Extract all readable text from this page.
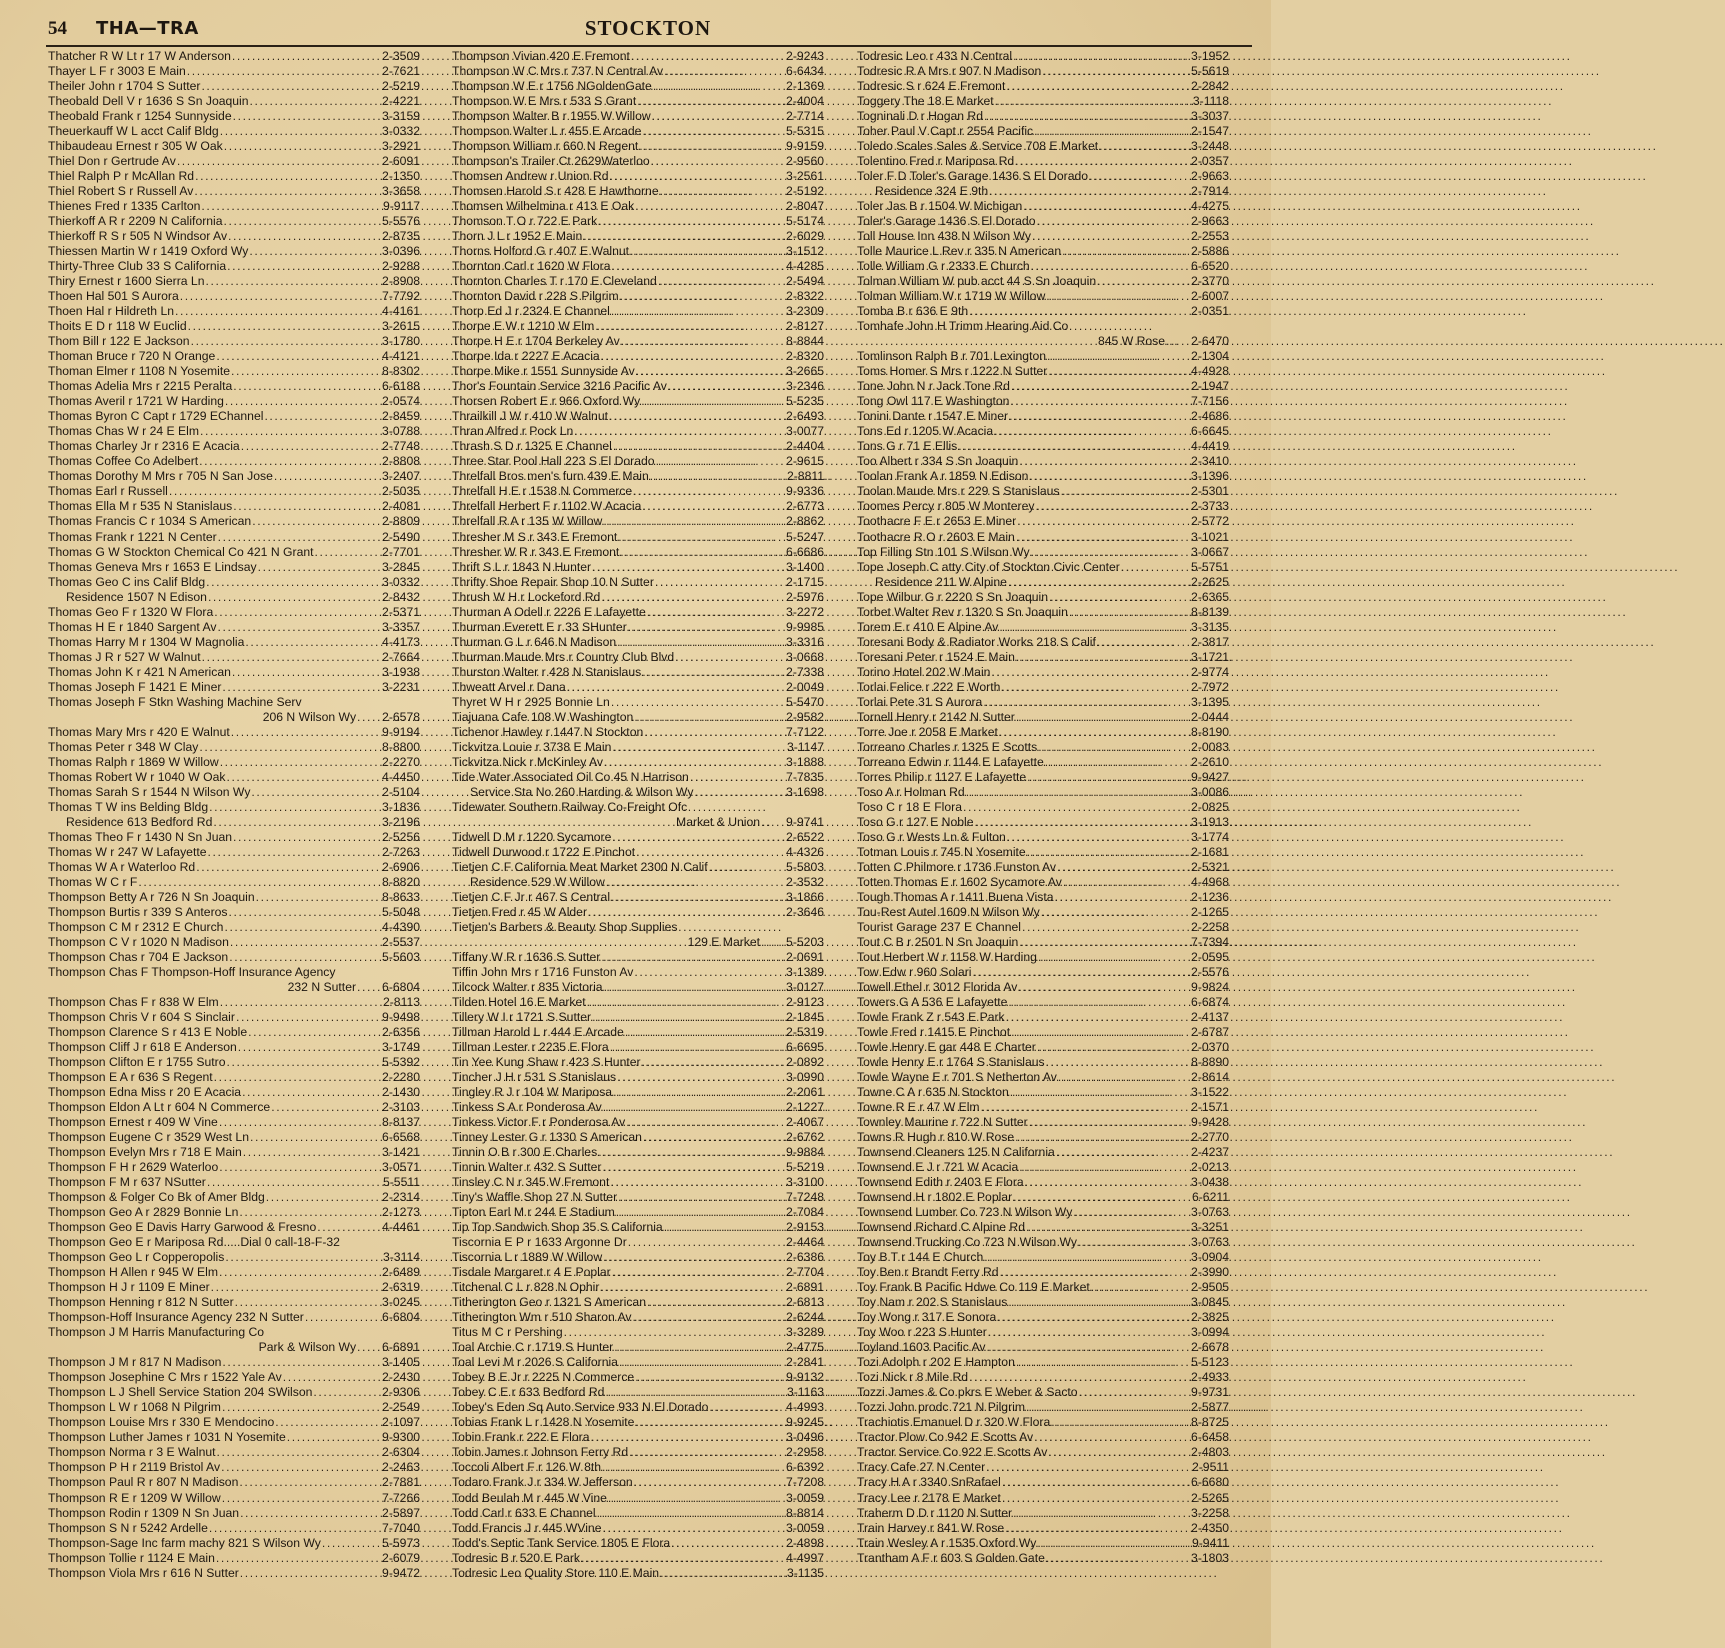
54 THA—TRA	STOCKTON
Thatcher R W Lt r 17 W Anderson .....	2-3509
Thayer L F r 3003 E Main .....	2-7621
Theiler John r 1704 S Sutter .....	2-5219
Theobald Dell V r 1636 S Sn Joaquin .....	2-4221
Theobald Frank r 1254 Sunnyside .....	3-3159
Theuerkauff W L acct Calif Bldg .....	3-0332
Thibaudeau Ernest r 305 W Oak .....	3-2921
Thiel Don r Gertrude Av .....	2-6091
Thiel Ralph P r McAllan Rd .....	2-1350
Thiel Robert S r Russell Av .....	3-3658
Thienes Fred r 1335 Carlton .....	9-9117
Thierkoff A R r 2209 N California .....	5-5576
Thierkoff R S r 505 N Windsor Av .....	2-8735
Thiessen Martin W r 1419 Oxford Wy .....	3-0396
Thirty-Three Club 33 S California .....	2-9288
Thiry Ernest r 1600 Sierra Ln .....	2-8908
Thoen Hal 501 S Aurora .....	7-7792
Thoen Hal r Hildreth Ln .....	4-4161
Thoits E D r 118 W Euclid .....	3-2615
Thom Bill r 122 E Jackson .....	3-1780
Thoman Bruce r 720 N Orange .....	4-4121
Thoman Elmer r 1108 N Yosemite .....	8-8302
Thomas Adelia Mrs r 2215 Peralta .....	6-6188
Thomas Averil r 1721 W Harding .....	2-0574
Thomas Byron C Capt r 1729 EChannel .....	2-8459
Thomas Chas W r 24 E Elm .....	3-0788
Thomas Charley Jr r 2316 E Acacia .....	2-7748
Thomas Coffee Co Adelbert .....	2-8808
Thomas Dorothy M Mrs r 705 N San Jose .....	3-2407
Thomas Earl r Russell .....	2-5035
Thomas Ella M r 535 N Stanislaus .....	2-4081
Thomas Francis C r 1034 S American .....	2-8809
Thomas Frank r 1221 N Center .....	2-5490
Thomas G W Stockton Chemical Co 421 N Grant .....	2-7701
Thomas Geneva Mrs r 1653 E Lindsay .....	3-2845
Thomas Geo C ins Calif Bldg .....	3-0332
Residence 1507 N Edison .....	2-8432
Thomas Geo F r 1320 W Flora .....	2-5371
Thomas H E r 1840 Sargent Av .....	3-3357
Thomas Harry M r 1304 W Magnolia .....	4-4173
Thomas J R r 527 W Walnut .....	2-7664
Thomas John K r 421 N American .....	3-1938
Thomas Joseph F 1421 E Miner .....	3-2231
Thomas Joseph F Stkn Washing Machine Serv
206 N Wilson Wy ..... 2-6578
Thomas Mary Mrs r 420 E Walnut .....	9-9194
Thomas Peter r 348 W Clay .....	8-8800
Thomas Ralph r 1869 W Willow .....	2-2270
Thomas Robert W r 1040 W Oak .....	4-4450
Thomas Sarah S r 1544 N Wilson Wy .....	2-5104
Thomas T W ins Belding Bldg .....	3-1836
Residence 613 Bedford Rd .....	3-2196
Thomas Theo F r 1430 N Sn Juan .....	2-5256
Thomas W r 247 W Lafayette .....	2-7263
Thomas W A r Waterloo Rd .....	2-6906
Thomas W C r F .....	8-8820
Thompson Betty A r 726 N Sn Joaquin .....	8-8633
Thompson Burtis r 339 S Anteros .....	5-5048
Thompson C M r 2312 E Church .....	4-4390
Thompson C V r 1020 N Madison .....	2-5537
Thompson Chas r 704 E Jackson .....	5-5603
Thompson Chas F Thompson-Hoff Insurance Agency
232 N Sutter ..... 6-6804
Thompson Chas F r 838 W Elm .....	2-8113
Thompson Chris V r 604 S Sinclair .....	9-9498
Thompson Clarence S r 413 E Noble .....	2-6356
Thompson Cliff J r 618 E Anderson .....	3-1749
Thompson Clifton E r 1755 Sutro .....	5-5392
Thompson E A r 636 S Regent .....	2-2280
Thompson Edna Miss r 20 E Acacia .....	2-1430
Thompson Eldon A Lt r 604 N Commerce .....	2-3103
Thompson Ernest r 409 W Vine .....	8-8137
Thompson Eugene C r 3529 West Ln .....	6-6568
Thompson Evelyn Mrs r 718 E Main .....	3-1421
Thompson F H r 2629 Waterloo .....	3-0571
Thompson F M r 637 NSutter .....	5-5511
Thompson & Folger Co Bk of Amer Bldg .....	2-2314
Thompson Geo A r 2829 Bonnie Ln .....	2-1273
Thompson Geo E Davis Harry Garwood & Fresno .....	4-4461
Thompson Geo E r Mariposa Rd.....Dial 0 call-18-F-32
Thompson Geo L r Copperopolis .....	3-3114
Thompson H Allen r 945 W Elm .....	2-6489
Thompson H J r 1109 E Miner .....	2-6319
Thompson Henning r 812 N Sutter .....	3-0245
Thompson-Hoff Insurance Agency 232 N Sutter .....	6-6804
Thompson J M Harris Manufacturing Co
Park & Wilson Wy ..... 6-6891
Thompson J M r 817 N Madison .....	3-1405
Thompson Josephine C Mrs r 1522 Yale Av .....	2-2430
Thompson L J Shell Service Station 204 SWilson .....	2-9306
Thompson L W r 1068 N Pilgrim .....	2-2549
Thompson Louise Mrs r 330 E Mendocino .....	2-1097
Thompson Luther James r 1031 N Yosemite .....	9-9300
Thompson Norma r 3 E Walnut .....	2-6304
Thompson P H r 2119 Bristol Av .....	2-2463
Thompson Paul R r 807 N Madison .....	2-7881
Thompson R E r 1209 W Willow .....	7-7266
Thompson Rodin r 1309 N Sn Juan .....	2-5897
Thompson S N r 5242 Ardelle .....	7-7040
Thompson-Sage Inc farm machy 821 S Wilson Wy .....	5-5973
Thompson Tollie r 1124 E Main .....	2-6079
Thompson Viola Mrs r 616 N Sutter .....	9-9472
Thompson Vivian 420 E Fremont .....	2-9243
Thompson W C Mrs r 737 N Central Av .....	6-6434
Thompson W E r 1756 NGoldenGate .....	2-1369
Thompson W E Mrs r 533 S Grant .....	2-4004
Thompson Walter B r 1955 W Willow .....	2-7714
Thompson Walter L r 455 E Arcade .....	5-5315
Thompson William r 660 N Regent .....	9-9159
Thompson's Trailer Ct 2629Waterloo .....	2-9560
Thomsen Andrew r Union Rd .....	3-2561
Thomsen Harold S r 428 E Hawthorne .....	2-5192
Thomsen Wilhelmina r 413 E Oak .....	2-8047
Thomson T O r 722 E Park .....	5-5174
Thorn J L r 1952 E Main .....	2-6029
Thorns Holford G r 407 E Walnut .....	3-1512
Thornton Carl r 1620 W Flora .....	4-4285
Thornton Charles T r 170 E Cleveland .....	2-5494
Thornton David r 228 S Pilgrim .....	2-8322
Thorp Ed J r 2324 E Channel .....	3-2309
Thorpe E W r 1210 W Elm .....	2-8127
Thorpe H E r 1704 Berkeley Av .....	8-8844
Thorpe Ida r 2227 E Acacia .....	2-8320
Thorpe Mike r 1551 Sunnyside Av .....	3-2665
Thor's Fountain Service 3216 Pacific Av .....	3-2346
Thorsen Robert E r 966 Oxford Wy .....	5-5235
Thrailkill J W r 410 W Walnut .....	2-6493
Thran Alfred r Pock Ln .....	3-0077
Thrash S D r 1325 E Channel .....	2-4404
Three Star Pool Hall 223 S El Dorado .....	2-9615
Threlfall Bros men's furn 439 E Main .....	2-8811
Threlfall H E r 1538 N Commerce .....	9-9336
Threlfall Herbert F r 1102 W Acacia .....	2-6773
Threlfall R A r 135 W Willow .....	2-8862
Thresher M S r 343 E Fremont .....	5-5247
Thresher W R r 343 E Fremont .....	6-6686
Thrift S L r 1843 N Hunter .....	3-1400
Thrifty Shoe Repair Shop 10 N Sutter .....	2-1715
Thrush W H r Lockeford Rd .....	2-5976
Thurman A Odell r 2226 E Lafayette .....	3-2272
Thurman Everett E r 33 SHunter .....	9-9985
Thurman G L r 646 N Madison .....	3-3316
Thurman Maude Mrs r Country Club Blvd .....	3-0668
Thurston Walter r 428 N Stanislaus .....	2-7338
Thweatt Arvel r Dana .....	2-0049
Thyret W H r 2925 Bonnie Ln .....	5-5470
Tiajuana Cafe 108 W Washington .....	2-9582
Tichenor Hawley r 1447 N Stockton .....	7-7122
Tickvitza Louie r 3738 E Main .....	3-1147
Tickvitza Nick r McKinley Av .....	3-1888
Tide Water Associated Oil Co 45 N Harrison .....	7-7835
Service Sta No 260 Harding & Wilson Wy .....	3-1698
Tidewater Southern Railway Co-Freight Ofc
Market & Union ..... 9-9741
Tidwell D M r 1220 Sycamore .....	2-6522
Tidwell Durwood r 1722 E Pinchot .....	4-4326
Tietjen C F California Meat Market 2300 N Calif .....	5-5803
Residence 529 W Willow .....	2-3532
Tietjen C F Jr r 467 S Central .....	3-1866
Tietjen Fred r 45 W Alder .....	2-3646
Tietjen's Barbers & Beauty Shop Supplies
129 E Market ..... 5-5203
Tiffany W R r 1636 S Sutter .....	2-0691
Tiffin John Mrs r 1716 Funston Av .....	3-1389
Tilcock Walter r 835 Victoria .....	3-0127
Tilden Hotel 16 E Market .....	2-9123
Tillery W I r 1721 S Sutter .....	2-1845
Tillman Harold L r 444 E Arcade .....	2-5319
Tillman Lester r 2235 E Flora .....	6-6695
Tin Yee Kung Shaw r 423 S Hunter .....	2-0892
Tincher J H r 531 S Stanislaus .....	3-0990
Tingley R J r 104 W Mariposa .....	2-2061
Tinkess S A r Ponderosa Av .....	2-1227
Tinkess Victor F r Ponderosa Av .....	2-4067
Tinney Lester G r 1330 S American .....	2-6762
Tinnin O B r 300 E Charles .....	9-9884
Tinnin Walter r 432 S Sutter .....	5-5219
Tinsley C N r 345 W Fremont .....	3-3100
Tiny's Waffle Shop 27 N Sutter .....	7-7248
Tipton Earl M r 244 E Stadium .....	2-7084
Tip Top Sandwich Shop 35 S California .....	2-9153
Tiscornia E P r 1633 Argonne Dr .....	2-4464
Tiscornia L r 1889 W Willow .....	2-6386
Tisdale Margaret r 4 E Poplar .....	2-7704
Titchenal C L r 828 N Ophir .....	2-6891
Titherington Geo r 1321 S American .....	2-6813
Titherington Wm r 510 Sharon Av .....	2-6244
Titus M C r Pershing .....	3-3289
Toal Archie C r 1719 S Hunter .....	2-4775
Toal Levi M r 2026 S California .....	2-2841
Tobey B E Jr r 2225 N Commerce .....	9-9132
Tobey C E r 633 Bedford Rd .....	3-1163
Tobey's Eden Sq Auto Service 933 N El Dorado .....	4-4993
Tobias Frank L r 1428 N Yosemite .....	9-9245
Tobin Frank r 222 E Flora .....	3-0496
Tobin James r Johnson Ferry Rd .....	2-2958
Toccoli Albert F r 126 W 8th .....	6-6392
Todaro Frank J r 334 W Jefferson .....	7-7208
Todd Beulah M r 445 W Vine .....	3-0059
Todd Carl r 633 E Channel .....	8-8814
Todd Francis J r 445 WVine .....	3-0059
Todd's Septic Tank Service 1805 E Flora .....	2-4898
Todresic B r 520 E Park .....	4-4997
Todresic Leo Quality Store 110 E Main .....	3-1135
Todresic Leo r 433 N Central .....	3-1952
Todresic R A Mrs r 907 N Madison .....	5-5619
Todresic S r 624 E Fremont .....	2-2842
Toggery The 18 E Market .....	3-1118
Togninali D r Hogan Rd .....	3-3037
Toher Paul V Capt r 2554 Pacific .....	2-1547
Toledo Scales Sales & Service 708 E Market .....	3-2448
Tolentino Fred r Mariposa Rd .....	2-0357
Toler F D Toler's Garage 1436 S El Dorado .....	2-9663
Residence 324 E 9th .....	2-7914
Toler Jas B r 1504 W Michigan .....	4-4275
Toler's Garage 1436 S El Dorado .....	2-9663
Toll House Inn 438 N Wilson Wy .....	2-2553
Tolle Maurice L Rev r 335 N American .....	2-5886
Tolle William G r 2333 E Church .....	6-6520
Tolman William W pub acct 44 S Sn Joaquin .....	2-3770
Tolman William W r 1719 W Willow .....	2-6007
Tomba B r 636 E 9th .....	2-0351
Tomhafe John H Trimm Hearing Aid Co
845 W Rose ..... 2-6470
Tomlinson Ralph B r 701 Lexington .....	2-1304
Toms Homer S Mrs r 1222 N Sutter .....	4-4928
Tone John N r Jack Tone Rd .....	2-1947
Tong Owl 117 E Washington .....	7-7156
Tonini Dante r 1547 E Miner .....	2-4686
Tons Ed r 1205 W Acacia .....	6-6645
Tons G r 71 E Ellis .....	4-4419
Too Albert r 334 S Sn Joaquin .....	2-3410
Toolan Frank A r 1859 N Edison .....	3-1396
Toolan Maude Mrs r 229 S Stanislaus .....	2-5301
Toomes Percy r 805 W Monterey .....	2-3733
Toothacre F E r 2653 E Miner .....	2-5772
Toothacre R O r 2603 E Main .....	3-1021
Top Filling Stn 101 S Wilson Wy .....	3-0667
Tope Joseph C atty City of Stockton Civic Center .....	5-5751
Residence 211 W Alpine .....	2-2625
Tope Wilbur G r 2220 S Sn Joaquin .....	2-6365
Torbet Walter Rev r 1320 S Sn Joaquin .....	8-8139
Torem E r 410 E Alpine Av .....	3-3135
Toresani Body & Radiator Works 218 S Calif .....	2-3817
Toresani Peter r 1524 E Main .....	3-1721
Torino Hotel 202 W Main .....	2-9774
Torlai Felice r 222 E Worth .....	2-7972
Torlai Pete 31 S Aurora .....	3-1395
Tornell Henry r 2142 N Sutter .....	2-0444
Torre Joe r 2058 E Market .....	8-8190
Torreano Charles r 1325 E Scotts .....	2-0083
Torreano Edwin r 1144 E Lafayette .....	2-2610
Torres Philip r 1127 E Lafayette .....	9-9427
Toso A r Holman Rd .....	3-0086
Toso C r 18 E Flora .....	2-0825
Toso G r 127 E Noble .....	3-1913
Toso G r Wests Ln & Fulton .....	3-1774
Totman Louis r 745 N Yosemite .....	2-1681
Totten C Philmore r 1736 Funston Av .....	2-5321
Totten Thomas E r 1602 Sycamore Av .....	4-4968
Tough Thomas A r 1411 Buena Vista .....	2-1236
Tou-Rest Autel 1609 N Wilson Wy .....	2-1265
Tourist Garage 237 E Channel .....	2-2258
Tout C B r 2501 N Sn Joaquin .....	7-7394
Tout Herbert W r 1158 W Harding .....	2-0595
Tow Edw r 960 Solari .....	2-5576
Towell Ethel r 3012 Florida Av .....	9-9824
Towers G A 536 E Lafayette .....	6-6874
Towle Frank Z r 543 E Park .....	2-4137
Towle Fred r 1415 E Pinchot .....	2-6787
Towle Henry E gar 448 E Charter .....	2-0370
Towle Henry E r 1764 S Stanislaus .....	8-8890
Towle Wayne E r 701 S Netherton Av .....	2-8614
Towne C A r 635 N Stockton .....	3-1522
Towne R E r 47 W Elm .....	2-1571
Townley Maurine r 722 N Sutter .....	9-9428
Towns R Hugh r 810 W Rose .....	2-2770
Townsend Cleaners 125 N California .....	2-4237
Townsend E J r 721 W Acacia .....	2-0213
Townsend Edith r 2403 E Flora .....	3-0438
Townsend H r 1802 E Poplar .....	6-6211
Townsend Lumber Co 723 N Wilson Wy .....	3-0763
Townsend Richard C Alpine Rd .....	3-3251
Townsend Trucking Co 723 N Wilson Wy .....	3-0763
Toy B T r 144 E Church .....	3-0904
Toy Ben r Brandt Ferry Rd .....	2-3990
Toy Frank B Pacific Hdwe Co 119 E Market .....	2-9505
Toy Nam r 202 S Stanislaus .....	3-0845
Toy Wong r 317 E Sonora .....	2-3825
Toy Woo r 223 S Hunter .....	3-0994
Toyland 1603 Pacific Av .....	2-6678
Tozi Adolph r 202 E Hampton .....	5-5123
Tozi Nick r 8 Mile Rd .....	2-4933
Tozzi James & Co pkrs E Weber & Sacto .....	9-9731
Tozzi John prodc 721 N Pilgrim .....	2-5877
Trachiotis Emanuel D r 320 W Flora .....	8-8725
Tractor Plow Co 942 E Scotts Av .....	6-6458
Tractor Service Co 922 E Scotts Av .....	2-4803
Tracy Cafe 27 N Center .....	2-9511
Tracy H A r 3340 SnRafael .....	6-6680
Tracy Lee r 2178 E Market .....	2-5265
Traherm D D r 1120 N Sutter .....	3-2258
Train Harvey r 841 W Rose .....	2-4350
Train Wesley A r 1535 Oxford Wy .....	9-9411
Trantham A F r 603 S Golden Gate .....	3-1803
